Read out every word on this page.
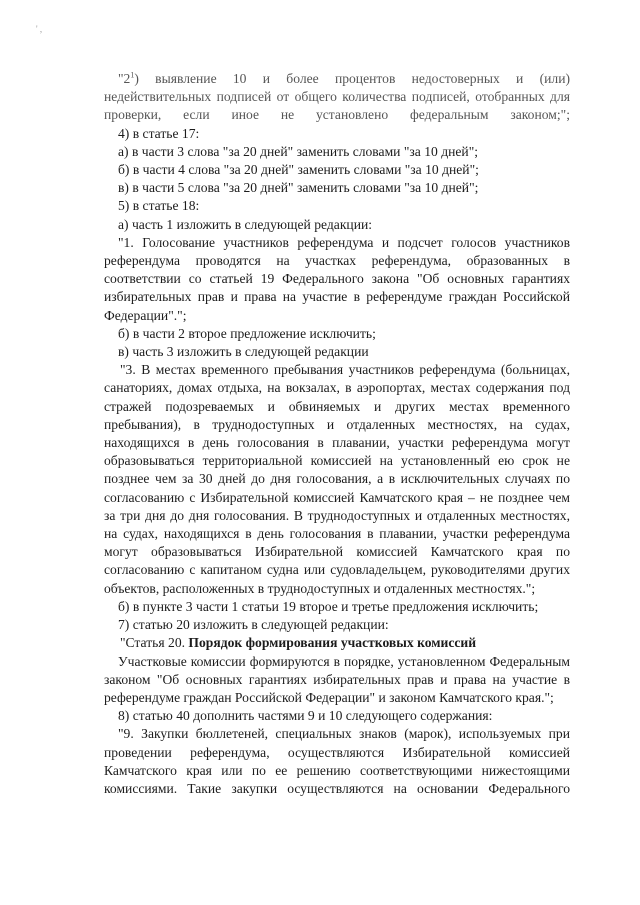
' ,

"$2^1$) выявление 10 и более процентов недостоверных и (или) недействительных подписей от общего количества подписей, отобранных для проверки, если иное не установлено федеральным законом;";

4) в статье 17:

а) в части 3 слова "за 20 дней" заменить словами "за 10 дней";

б) в части 4 слова "за 20 дней" заменить словами "за 10 дней";

в) в части 5 слова "за 20 дней" заменить словами "за 10 дней";

5) в статье 18:

а) часть 1 изложить в следующей редакции:

"1. Голосование участников референдума и подсчет голосов участников референдума проводятся на участках референдума, образованных в соответствии со статьей 19 Федерального закона "Об основных гарантиях избирательных прав и права на участие в референдуме граждан Российской Федерации".";

б) в части 2 второе предложение исключить;

в) часть 3 изложить в следующей редакции

"3. В местах временного пребывания участников референдума (больницах, санаториях, домах отдыха, на вокзалах, в аэропортах, местах содержания под стражей подозреваемых и обвиняемых и других местах временного пребывания), в труднодоступных и отдаленных местностях, на судах, находящихся в день голосования в плавании, участки референдума могут образовываться территориальной комиссией на установленный ею срок не позднее чем за 30 дней до дня голосования, а в исключительных случаях по согласованию с Избирательной комиссией Камчатского края – не позднее чем за три дня до дня голосования. В труднодоступных и отдаленных местностях, на судах, находящихся в день голосования в плавании, участки референдума могут образовываться Избирательной комиссией Камчатского края по согласованию с капитаном судна или судовладельцем, руководителями других объектов, расположенных в труднодоступных и отдаленных местностях.";

б) в пункте 3 части 1 статьи 19 второе и третье предложения исключить;

7) статью 20 изложить в следующей редакции:

"Статья 20. Порядок формирования участковых комиссий

Участковые комиссии формируются в порядке, установленном Федеральным законом "Об основных гарантиях избирательных прав и права на участие в референдуме граждан Российской Федерации" и законом Камчатского края.";

8) статью 40 дополнить частями 9 и 10 следующего содержания:

"9. Закупки бюллетеней, специальных знаков (марок), используемых при проведении референдума, осуществляются Избирательной комиссией Камчатского края или по ее решению соответствующими нижестоящими комиссиями. Такие закупки осуществляются на основании Федерального
